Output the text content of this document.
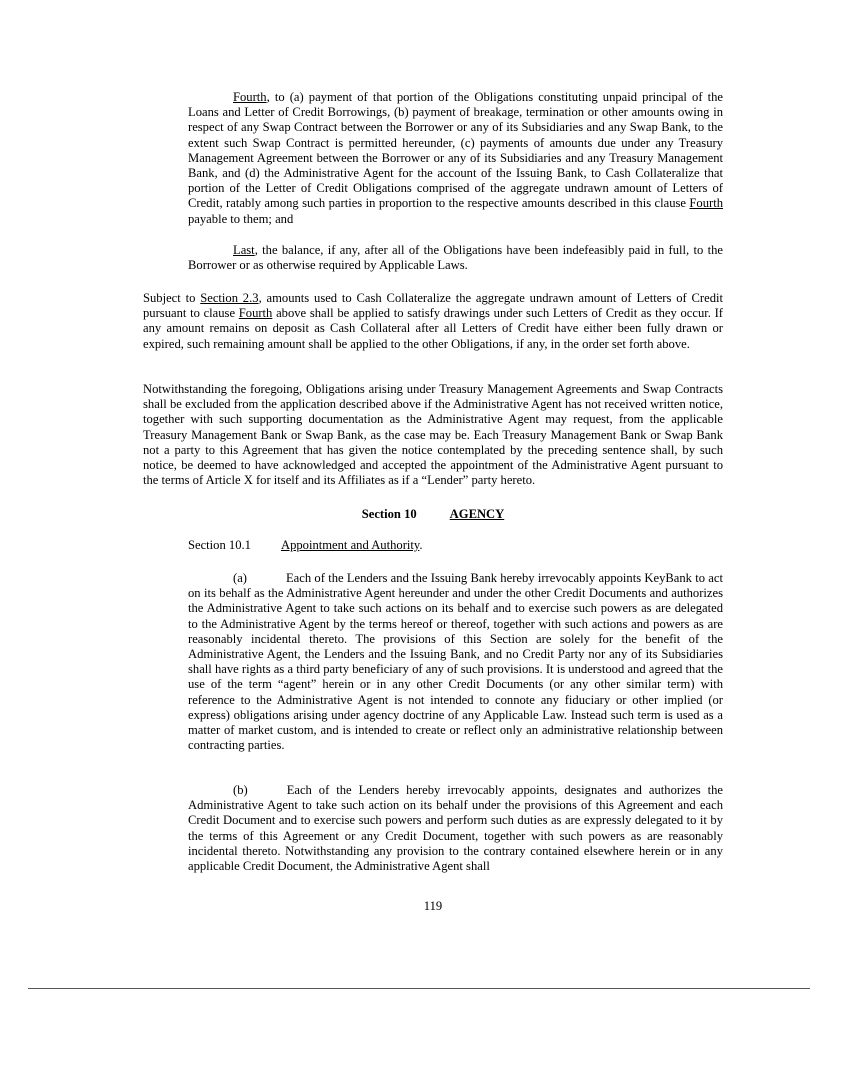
Fourth, to (a) payment of that portion of the Obligations constituting unpaid principal of the Loans and Letter of Credit Borrowings, (b) payment of breakage, termination or other amounts owing in respect of any Swap Contract between the Borrower or any of its Subsidiaries and any Swap Bank, to the extent such Swap Contract is permitted hereunder, (c) payments of amounts due under any Treasury Management Agreement between the Borrower or any of its Subsidiaries and any Treasury Management Bank, and (d) the Administrative Agent for the account of the Issuing Bank, to Cash Collateralize that portion of the Letter of Credit Obligations comprised of the aggregate undrawn amount of Letters of Credit, ratably among such parties in proportion to the respective amounts described in this clause Fourth payable to them; and
Last, the balance, if any, after all of the Obligations have been indefeasibly paid in full, to the Borrower or as otherwise required by Applicable Laws.
Subject to Section 2.3, amounts used to Cash Collateralize the aggregate undrawn amount of Letters of Credit pursuant to clause Fourth above shall be applied to satisfy drawings under such Letters of Credit as they occur. If any amount remains on deposit as Cash Collateral after all Letters of Credit have either been fully drawn or expired, such remaining amount shall be applied to the other Obligations, if any, in the order set forth above.
Notwithstanding the foregoing, Obligations arising under Treasury Management Agreements and Swap Contracts shall be excluded from the application described above if the Administrative Agent has not received written notice, together with such supporting documentation as the Administrative Agent may request, from the applicable Treasury Management Bank or Swap Bank, as the case may be. Each Treasury Management Bank or Swap Bank not a party to this Agreement that has given the notice contemplated by the preceding sentence shall, by such notice, be deemed to have acknowledged and accepted the appointment of the Administrative Agent pursuant to the terms of Article X for itself and its Affiliates as if a “Lender” party hereto.
Section 10	AGENCY
Section 10.1 Appointment and Authority.
(a)	Each of the Lenders and the Issuing Bank hereby irrevocably appoints KeyBank to act on its behalf as the Administrative Agent hereunder and under the other Credit Documents and authorizes the Administrative Agent to take such actions on its behalf and to exercise such powers as are delegated to the Administrative Agent by the terms hereof or thereof, together with such actions and powers as are reasonably incidental thereto. The provisions of this Section are solely for the benefit of the Administrative Agent, the Lenders and the Issuing Bank, and no Credit Party nor any of its Subsidiaries shall have rights as a third party beneficiary of any of such provisions. It is understood and agreed that the use of the term “agent” herein or in any other Credit Documents (or any other similar term) with reference to the Administrative Agent is not intended to connote any fiduciary or other implied (or express) obligations arising under agency doctrine of any Applicable Law. Instead such term is used as a matter of market custom, and is intended to create or reflect only an administrative relationship between contracting parties.
(b)	Each of the Lenders hereby irrevocably appoints, designates and authorizes the Administrative Agent to take such action on its behalf under the provisions of this Agreement and each Credit Document and to exercise such powers and perform such duties as are expressly delegated to it by the terms of this Agreement or any Credit Document, together with such powers as are reasonably incidental thereto. Notwithstanding any provision to the contrary contained elsewhere herein or in any applicable Credit Document, the Administrative Agent shall
119
